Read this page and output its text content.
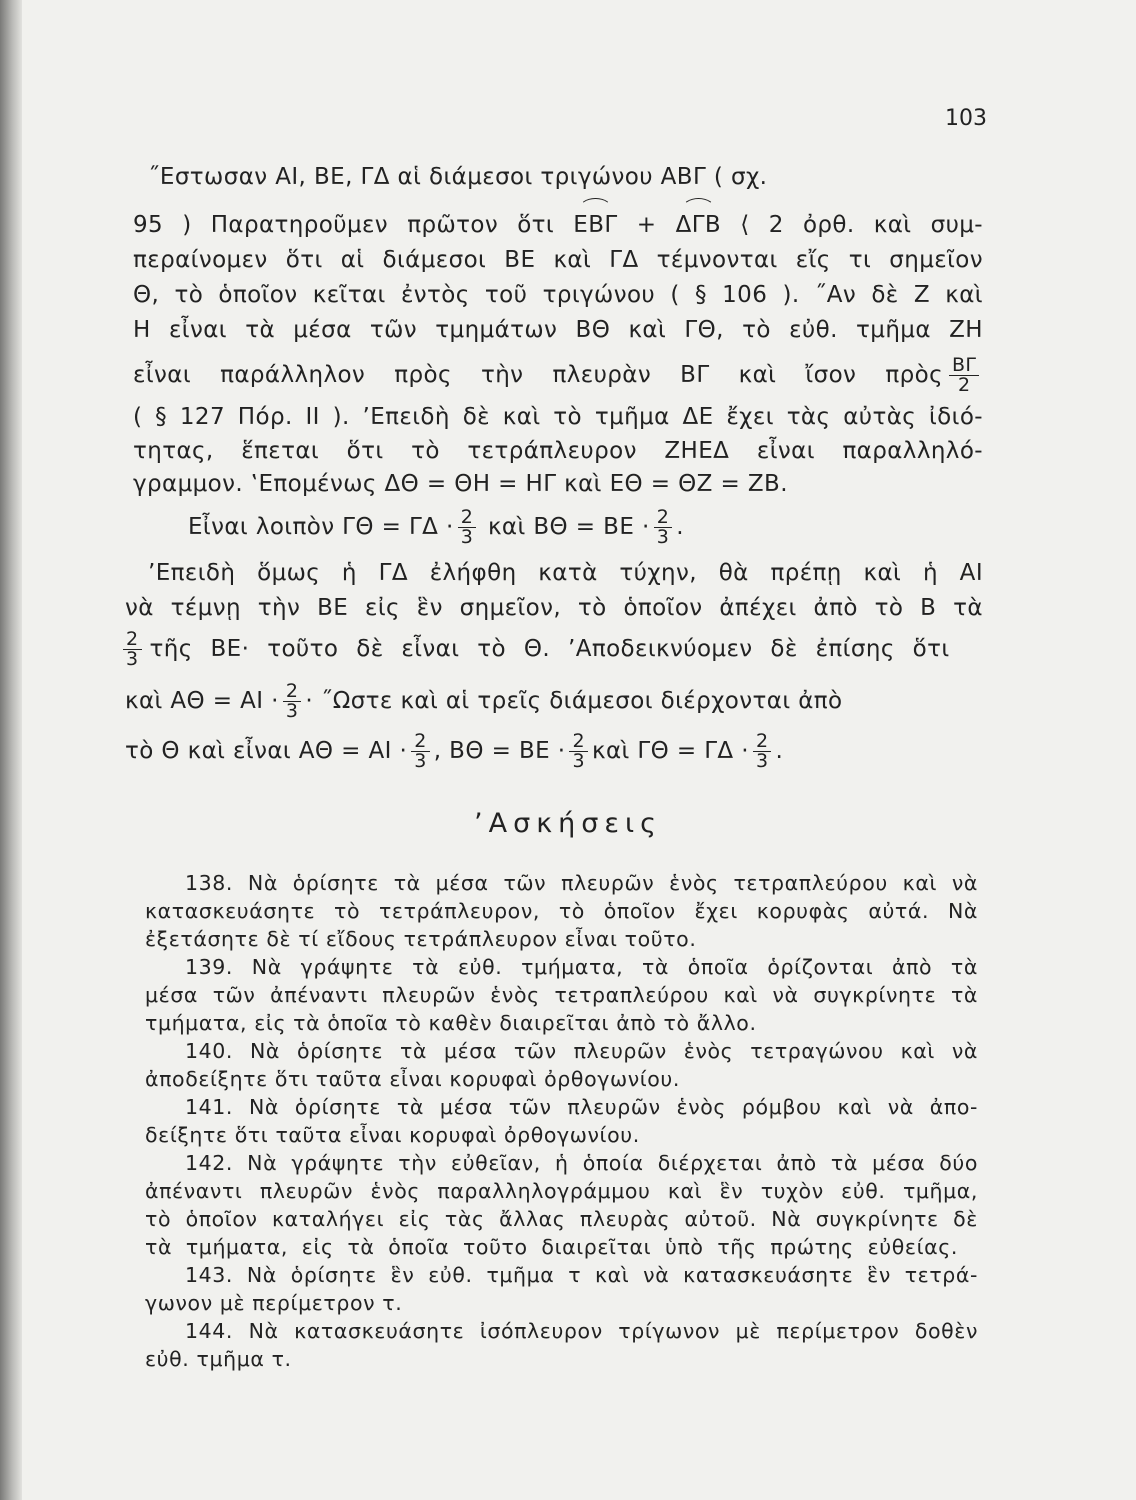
103
˝Εστωσαν ΑΙ, ΒΕ, ΓΔ αἱ διάμεσοι τριγώνου ΑΒΓ ( σχ.
95 ) Παρατηροῦμεν πρῶτον ὅτι ΕΒΓ + ΔΓΒ ⟨ 2 ὀρθ. καὶ συμ-
περαίνομεν ὅτι αἱ διάμεσοι ΒΕ καὶ ΓΔ τέμνονται εἴς τι σημεῖον
Θ, τὸ ὁποῖον κεῖται ἐντὸς τοῦ τριγώνου ( § 106 ). ˝Αν δὲ Ζ καὶ
Η εἶναι τὰ μέσα τῶν τμημάτων ΒΘ καὶ ΓΘ, τὸ εὐθ. τμῆμα ΖΗ
εἶναι παράλληλον πρὸς τὴν πλευρὰν ΒΓ καὶ ἴσον πρὸς $\frac{B\Gamma}{2}$
( § 127 Πόρ. ΙΙ ). ’Επειδὴ δὲ καὶ τὸ τμῆμα ΔΕ ἔχει τὰς αὐτὰς ἰδιό-
τητας, ἕπεται ὅτι τὸ τετράπλευρον ΖΗΕΔ εἶναι παραλληλό-
γραμμον. ‛Επομένως ΔΘ = ΘΗ = ΗΓ καὶ ΕΘ = ΘΖ = ΖΒ.
Εἶναι λοιπὸν $\Gamma\Theta = \Gamma\Delta \cdot \frac{2}{3}$ καὶ $B\Theta = BE \cdot \frac{2}{3}$ .
’Επειδὴ ὅμως ἡ ΓΔ ἐλήφθη κατὰ τύχην, θὰ πρέπῃ καὶ ἡ ΑΙ
νὰ τέμνῃ τὴν ΒΕ εἰς ἓν σημεῖον, τὸ ὁποῖον ἀπέχει ἀπὸ τὸ Β τὰ
$\frac{2}{3}$ τῆς ΒΕ· τοῦτο δὲ εἶναι τὸ Θ. ’Αποδεικνύομεν δὲ ἐπίσης ὅτι
καὶ $A\Theta = AI \cdot \frac{2}{3}$ · ˝Ωστε καὶ αἱ τρεῖς διάμεσοι διέρχονται ἀπὸ
τὸ Θ καὶ εἶναι $A\Theta = AI \cdot \frac{2}{3}$ , $B\Theta = BE \cdot \frac{2}{3}$ καὶ $\Gamma\Theta = \Gamma\Delta \cdot \frac{2}{3}$ .
’Ασκήσεις
138. Νὰ ὁρίσητε τὰ μέσα τῶν πλευρῶν ἑνὸς τετραπλεύρου καὶ νὰ
κατασκευάσητε τὸ τετράπλευρον, τὸ ὁποῖον ἔχει κορυφὰς αὐτά. Νὰ
ἐξετάσητε δὲ τί εἴδους τετράπλευρον εἶναι τοῦτο.
139. Νὰ γράψητε τὰ εὐθ. τμήματα, τὰ ὁποῖα ὁρίζονται ἀπὸ τὰ
μέσα τῶν ἀπέναντι πλευρῶν ἑνὸς τετραπλεύρου καὶ νὰ συγκρίνητε τὰ
τμήματα, εἰς τὰ ὁποῖα τὸ καθὲν διαιρεῖται ἀπὸ τὸ ἄλλο.
140. Νὰ ὁρίσητε τὰ μέσα τῶν πλευρῶν ἑνὸς τετραγώνου καὶ νὰ
ἀποδείξητε ὅτι ταῦτα εἶναι κορυφαὶ ὀρθογωνίου.
141. Νὰ ὁρίσητε τὰ μέσα τῶν πλευρῶν ἑνὸς ρόμβου καὶ νὰ ἀπο-
δείξητε ὅτι ταῦτα εἶναι κορυφαὶ ὀρθογωνίου.
142. Νὰ γράψητε τὴν εὐθεῖαν, ἡ ὁποία διέρχεται ἀπὸ τὰ μέσα δύο
ἀπέναντι πλευρῶν ἑνὸς παραλληλογράμμου καὶ ἓν τυχὸν εὐθ. τμῆμα,
τὸ ὁποῖον καταλήγει εἰς τὰς ἄλλας πλευρὰς αὐτοῦ. Νὰ συγκρίνητε δὲ
τὰ τμήματα, εἰς τὰ ὁποῖα τοῦτο διαιρεῖται ὑπὸ τῆς πρώτης εὐθείας.
143. Νὰ ὁρίσητε ἓν εὐθ. τμῆμα τ καὶ νὰ κατασκευάσητε ἓν τετρά-
γωνον μὲ περίμετρον τ.
144. Νὰ κατασκευάσητε ἰσόπλευρον τρίγωνον μὲ περίμετρον δοθὲν
εὐθ. τμῆμα τ.
